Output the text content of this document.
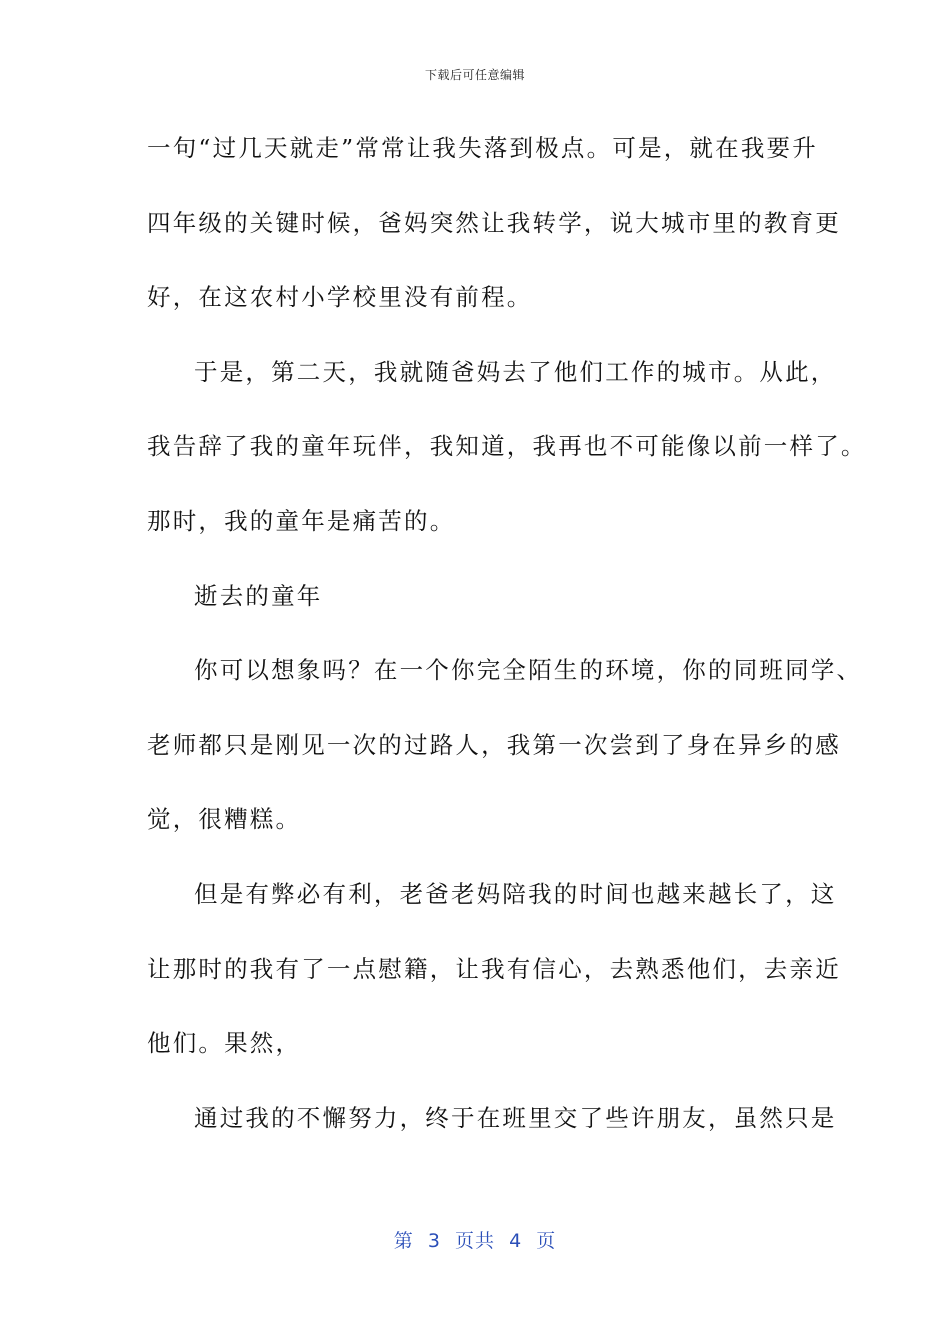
下载后可任意编辑
一句“过几天就走”常常让我失落到极点。可是，就在我要升
四年级的关键时候，爸妈突然让我转学，说大城市里的教育更
好，在这农村小学校里没有前程。
于是，第二天，我就随爸妈去了他们工作的城市。从此，
我告辞了我的童年玩伴，我知道，我再也不可能像以前一样了。
那时，我的童年是痛苦的。
逝去的童年
你可以想象吗？在一个你完全陌生的环境，你的同班同学、
老师都只是刚见一次的过路人，我第一次尝到了身在异乡的感
觉，很糟糕。
但是有弊必有利，老爸老妈陪我的时间也越来越长了，这
让那时的我有了一点慰籍，让我有信心，去熟悉他们，去亲近
他们。果然，
通过我的不懈努力，终于在班里交了些许朋友，虽然只是
第  3  页共  4  页
